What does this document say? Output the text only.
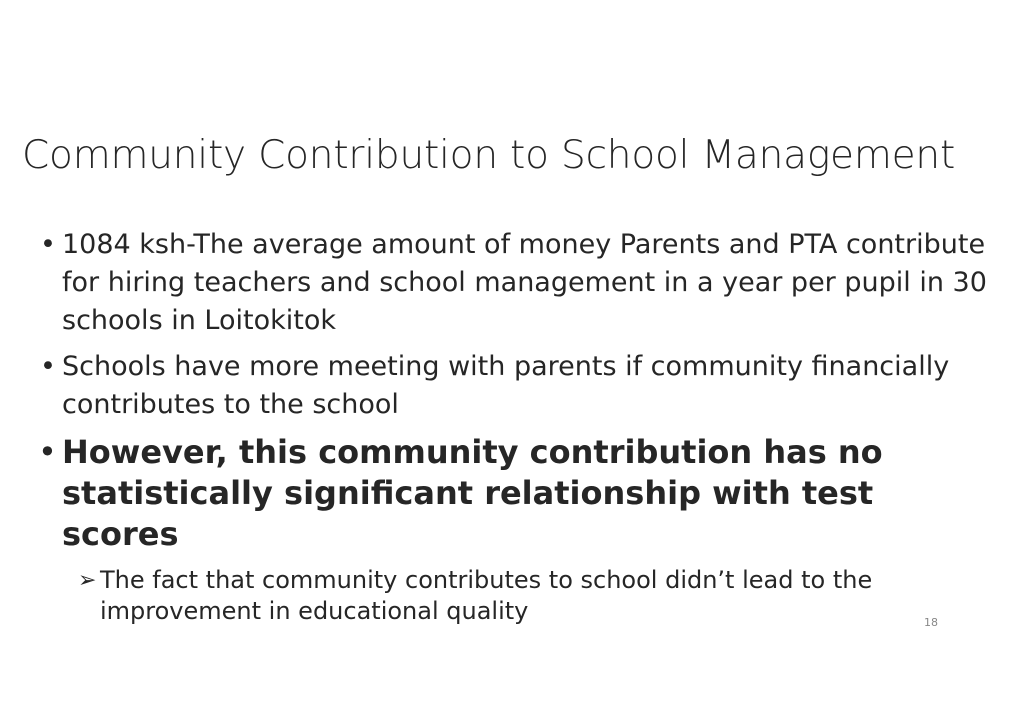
Community Contribution to School Management
• 1084 ksh-The average amount of money Parents and PTA contribute for hiring teachers and school management in a year per pupil in 30 schools in Loitokitok
• Schools have more meeting with parents if community financially contributes to the school
• However, this community contribution has no statistically significant relationship with test scores
➢ The fact that community contributes to school didn’t lead to the improvement in educational quality	18
